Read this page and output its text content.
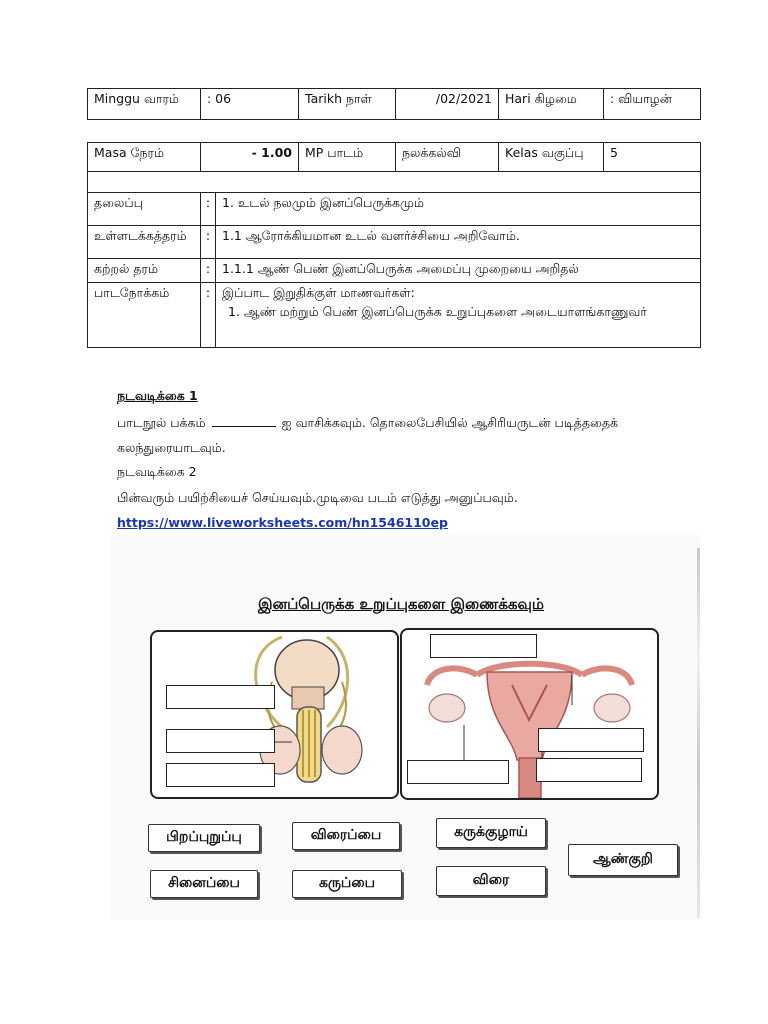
Minggu வாரம்	: 06	Tarikh நாள்	/02/2021	Hari கிழமை	: வியாழன்
Masa நேரம்	- 1.00		MP பாடம்	நலக்கல்வி	Kelas வகுப்பு	5

தலைப்பு	:	1. உடல் நலமும் இனப்பெருக்கமும்				
உள்ளடக்கத்தரம்	:	1.1 ஆரோக்கியமான உடல் வளர்ச்சியை அறிவோம்.				
கற்றல் தரம்	:	1.1.1 ஆண் பெண் இனப்பெருக்க அமைப்பு முறையை அறிதல்				
பாடநோக்கம்	:	இப்பாட இறுதிக்குள் மாணவர்கள்:
1. ஆண் மற்றும் பெண் இனப்பெருக்க உறுப்புகளை அடையாளங்காணுவர்				
நடவடிக்கை 1
பாடநூல் பக்கம்	ஐ வாசிக்கவும். தொலைபேசியில் ஆசிரியருடன் படித்ததைக்
கலந்துரையாடவும்.
நடவடிக்கை 2
பின்வரும் பயிற்சியைச் செய்யவும்.முடிவை படம் எடுத்து அனுப்பவும்.
https://www.liveworksheets.com/hn1546110ep
இனப்பெருக்க உறுப்புகளை இணைக்கவும்
பிறப்புறுப்பு	விரைப்பை	கருக்குழாய்
ஆண்குறி
சினைப்பை	கருப்பை	விரை
